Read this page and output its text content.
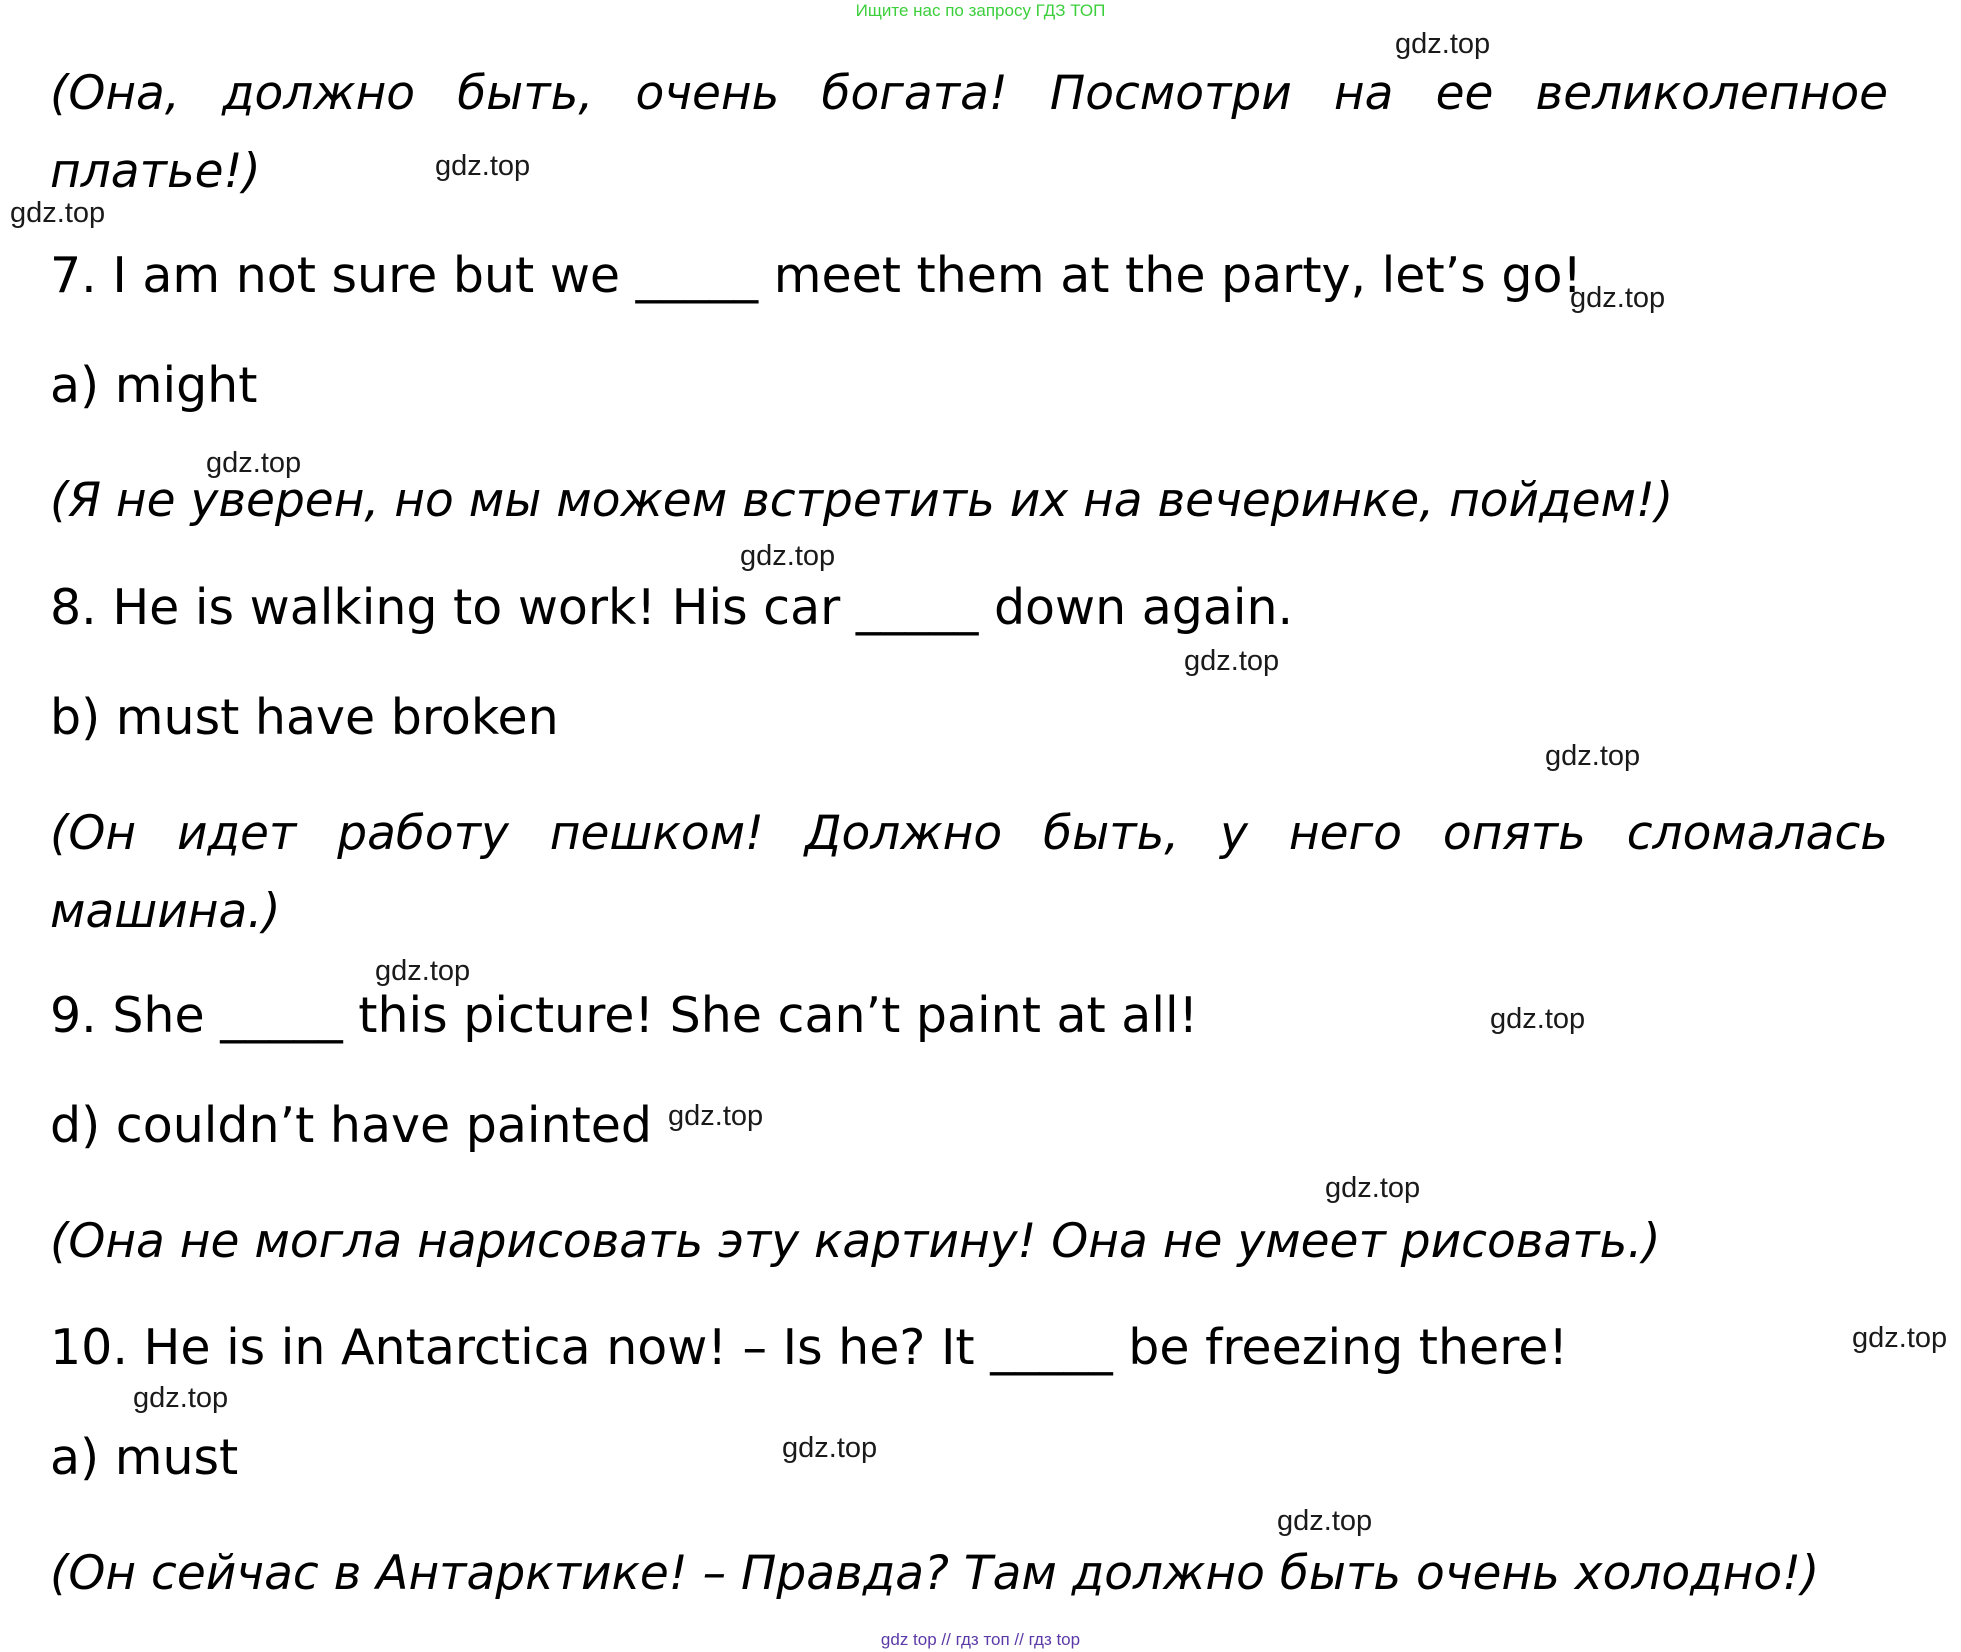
Ищите нас по запросу ГДЗ ТОП
(Она, должно быть, очень богата! Посмотри на ее великолепное платье!)
7. I am not sure but we _____ meet them at the party, let’s go!
a) might
(Я не уверен, но мы можем встретить их на вечеринке, пойдем!)
8. He is walking to work! His car _____ down again.
b) must have broken
(Он идет работу пешком! Должно быть, у него опять сломалась машина.)
9. She _____ this picture! She can’t paint at all!
d) couldn’t have painted
(Она не могла нарисовать эту картину! Она не умеет рисовать.)
10. He is in Antarctica now! – Is he? It _____ be freezing there!
a) must
(Он сейчас в Антарктике! – Правда? Там должно быть очень холодно!)
gdz.top
gdz.top
gdz.top
gdz.top
gdz.top
gdz.top
gdz.top
gdz.top
gdz.top
gdz.top
gdz.top
gdz.top
gdz.top
gdz.top
gdz.top
gdz.top
gdz top // гдз топ // гдз top
